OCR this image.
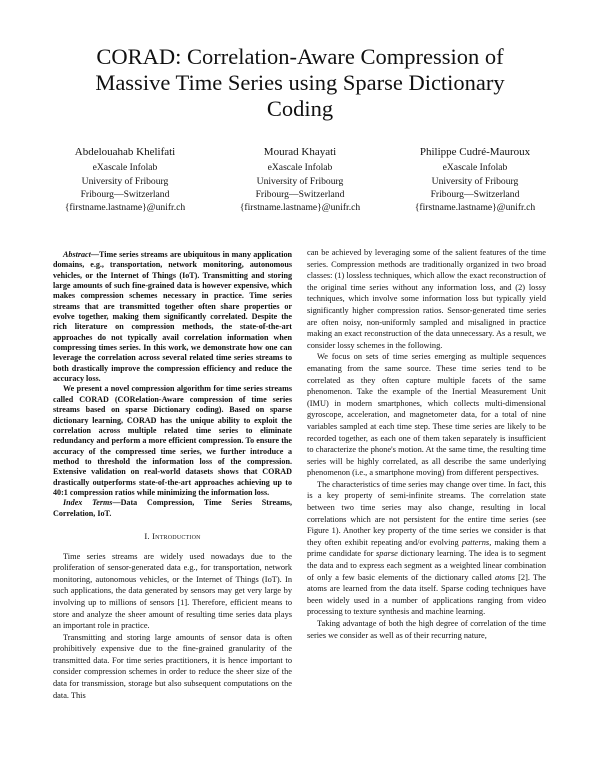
CORAD: Correlation-Aware Compression of
Massive Time Series using Sparse Dictionary
Coding
Abdelouahab Khelifati
eXascale Infolab
University of Fribourg
Fribourg—Switzerland
{firstname.lastname}@unifr.ch
Mourad Khayati
eXascale Infolab
University of Fribourg
Fribourg—Switzerland
{firstname.lastname}@unifr.ch
Philippe Cudré-Mauroux
eXascale Infolab
University of Fribourg
Fribourg—Switzerland
{firstname.lastname}@unifr.ch

Abstract—Time series streams are ubiquitous in many application domains, e.g., transportation, network monitoring, autonomous vehicles, or the Internet of Things (IoT). Transmitting and storing large amounts of such fine-grained data is however expensive, which makes compression schemes necessary in practice. Time series streams that are transmitted together often share properties or evolve together, making them significantly correlated. Despite the rich literature on compression methods, the state-of-the-art approaches do not typically avail correlation information when compressing times series. In this work, we demonstrate how one can leverage the correlation across several related time series streams to both drastically improve the compression efficiency and reduce the accuracy loss.

We present a novel compression algorithm for time series streams called CORAD (CORelation-Aware compression of time series streams based on sparse Dictionary coding). Based on sparse dictionary learning, CORAD has the unique ability to exploit the correlation across multiple related time series to eliminate redundancy and perform a more efficient compression. To ensure the accuracy of the compressed time series, we further introduce a method to threshold the information loss of the compression. Extensive validation on real-world datasets shows that CORAD drastically outperforms state-of-the-art approaches achieving up to 40:1 compression ratios while minimizing the information loss.

Index Terms—Data Compression, Time Series Streams, Correlation, IoT.

I. Introduction

Time series streams are widely used nowadays due to the proliferation of sensor-generated data e.g., for transportation, network monitoring, autonomous vehicles, or the Internet of Things (IoT). In such applications, the data generated by sensors may get very large by involving up to millions of sensors [1]. Therefore, efficient means to store and analyze the sheer amount of resulting time series data plays an important role in practice.

Transmitting and storing large amounts of sensor data is often prohibitively expensive due to the fine-grained granularity of the transmitted data. For time series practitioners, it is hence important to consider compression schemes in order to reduce the sheer size of the data for transmission, storage but also subsequent computations on the data. This

can be achieved by leveraging some of the salient features of the time series. Compression methods are traditionally organized in two broad classes: (1) lossless techniques, which allow the exact reconstruction of the original time series without any information loss, and (2) lossy techniques, which involve some information loss but typically yield significantly higher compression ratios. Sensor-generated time series are often noisy, non-uniformly sampled and misaligned in practice making an exact reconstruction of the data unnecessary. As a result, we consider lossy schemes in the following.

We focus on sets of time series emerging as multiple sequences emanating from the same source. These time series tend to be correlated as they often capture multiple facets of the same phenomenon. Take the example of the Inertial Measurement Unit (IMU) in modern smartphones, which collects multi-dimensional gyroscope, acceleration, and magnetometer data, for a total of nine variables sampled at each time step. These time series are likely to be recorded together, as each one of them taken separately is insufficient to characterize the phone's motion. At the same time, the resulting time series will be highly correlated, as all describe the same underlying phenomenon (i.e., a smartphone moving) from different perspectives.

The characteristics of time series may change over time. In fact, this is a key property of semi-infinite streams. The correlation state between two time series may also change, resulting in local correlations which are not persistent for the entire time series (see Figure 1). Another key property of the time series we consider is that they often exhibit repeating and/or evolving patterns, making them a prime candidate for sparse dictionary learning. The idea is to segment the data and to express each segment as a weighted linear combination of only a few basic elements of the dictionary called atoms [2]. The atoms are learned from the data itself. Sparse coding techniques have been widely used in a number of applications ranging from video processing to texture synthesis and machine learning.

Taking advantage of both the high degree of correlation of the time series we consider as well as of their recurring nature,
